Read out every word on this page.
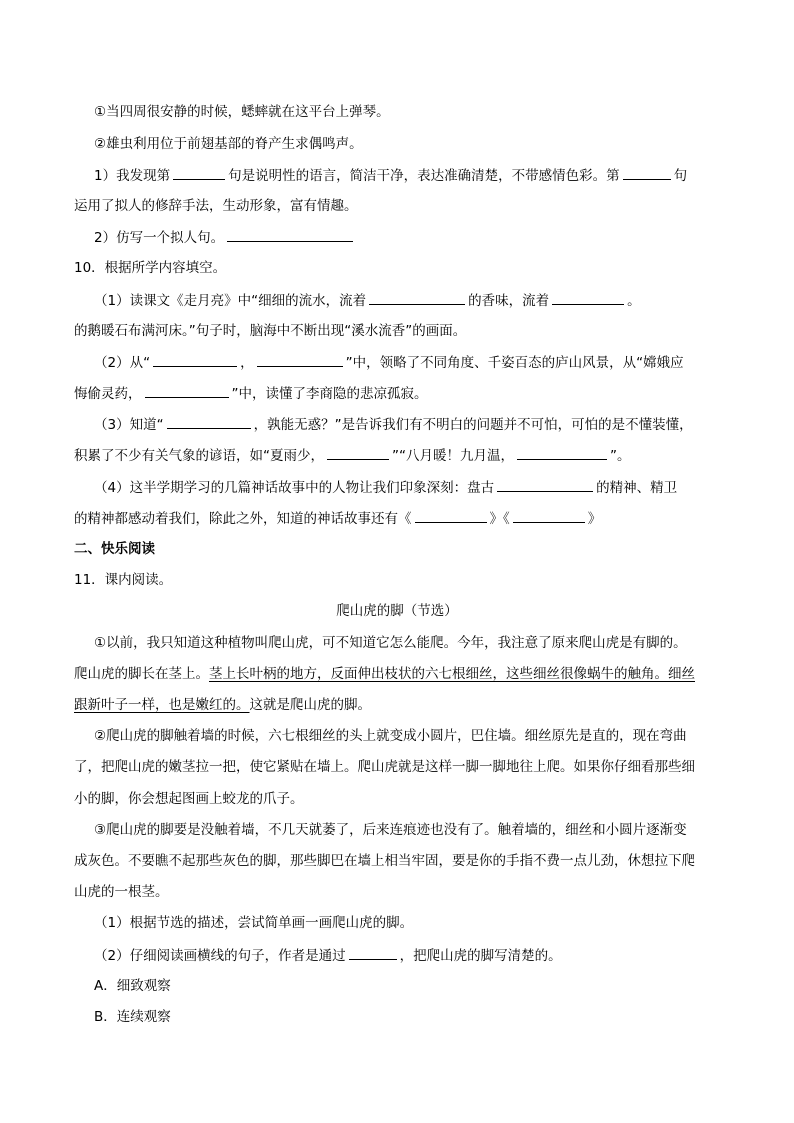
①当四周很安静的时候，蟋蟀就在这平台上弹琴。
②雄虫利用位于前翅基部的脊产生求偶鸣声。
1）我发现第	句是说明性的语言，简洁干净，表达准确清楚，不带感情色彩。第	句
运用了拟人的修辞手法，生动形象，富有情趣。
2）仿写一个拟人句。
10．根据所学内容填空。
（1）读课文《走月亮》中“细细的流水，流着	的香味，流着	。
的鹅暖石布满河床。”句子时，脑海中不断出现“溪水流香”的画面。
（2）从“	，	”中，领略了不同角度、千姿百态的庐山风景，从“嫦娥应
悔偷灵药，	”中，读懂了李商隐的悲凉孤寂。
（3）知道“	，孰能无惑？”是告诉我们有不明白的问题并不可怕，可怕的是不懂装懂，
积累了不少有关气象的谚语，如“夏雨少，	”“八月暖！九月温，	”。
（4）这半学期学习的几篇神话故事中的人物让我们印象深刻：盘古	的精神、精卫
的精神都感动着我们，除此之外，知道的神话故事还有《	》《	》
二、快乐阅读
11．课内阅读。
爬山虎的脚（节选）
①以前，我只知道这种植物叫爬山虎，可不知道它怎么能爬。今年，我注意了原来爬山虎是有脚的。
爬山虎的脚长在茎上。茎上长叶柄的地方，反面伸出枝状的六七根细丝，这些细丝很像蜗牛的触角。细丝
跟新叶子一样，也是嫩红的。这就是爬山虎的脚。
②爬山虎的脚触着墙的时候，六七根细丝的头上就变成小圆片，巴住墙。细丝原先是直的，现在弯曲
了，把爬山虎的嫩茎拉一把，使它紧贴在墙上。爬山虎就是这样一脚一脚地往上爬。如果你仔细看那些细
小的脚，你会想起图画上蛟龙的爪子。
③爬山虎的脚要是没触着墙，不几天就萎了，后来连痕迹也没有了。触着墙的，细丝和小圆片逐渐变
成灰色。不要瞧不起那些灰色的脚，那些脚巴在墙上相当牢固，要是你的手指不费一点儿劲，休想拉下爬
山虎的一根茎。
（1）根据节选的描述，尝试简单画一画爬山虎的脚。
（2）仔细阅读画横线的句子，作者是通过	，把爬山虎的脚写清楚的。
A．细致观察
B．连续观察
